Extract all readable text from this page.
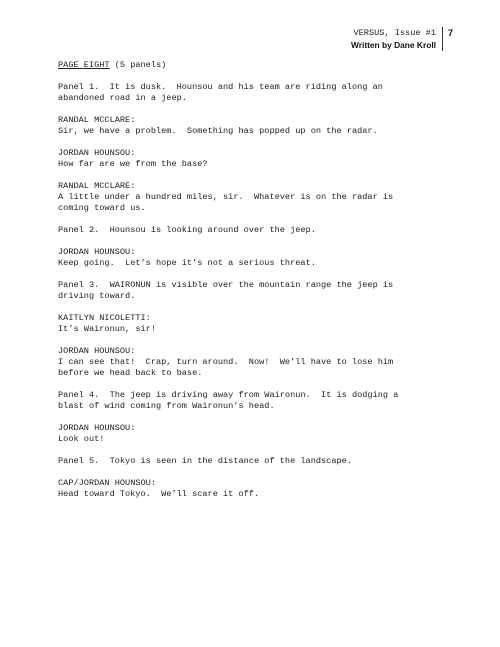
VERSUS, Issue #1
Written by Dane Kroll
7

PAGE EIGHT (5 panels)

Panel 1.  It is dusk.  Hounsou and his team are riding along an
abandoned road in a jeep.

RANDAL MCCLARE:
Sir, we have a problem.  Something has popped up on the radar.

JORDAN HOUNSOU:
How far are we from the base?

RANDAL MCCLARE:
A little under a hundred miles, sir.  Whatever is on the radar is
coming toward us.

Panel 2.  Hounsou is looking around over the jeep.

JORDAN HOUNSOU:
Keep going.  Let’s hope it’s not a serious threat.

Panel 3.  WAIRONUN is visible over the mountain range the jeep is
driving toward.

KAITLYN NICOLETTI:
It’s Waironun, sir!

JORDAN HOUNSOU:
I can see that!  Crap, turn around.  Now!  We’ll have to lose him
before we head back to base.

Panel 4.  The jeep is driving away from Waironun.  It is dodging a
blast of wind coming from Waironun’s head.

JORDAN HOUNSOU:
Look out!

Panel 5.  Tokyo is seen in the distance of the landscape.

CAP/JORDAN HOUNSOU:
Head toward Tokyo.  We’ll scare it off.
